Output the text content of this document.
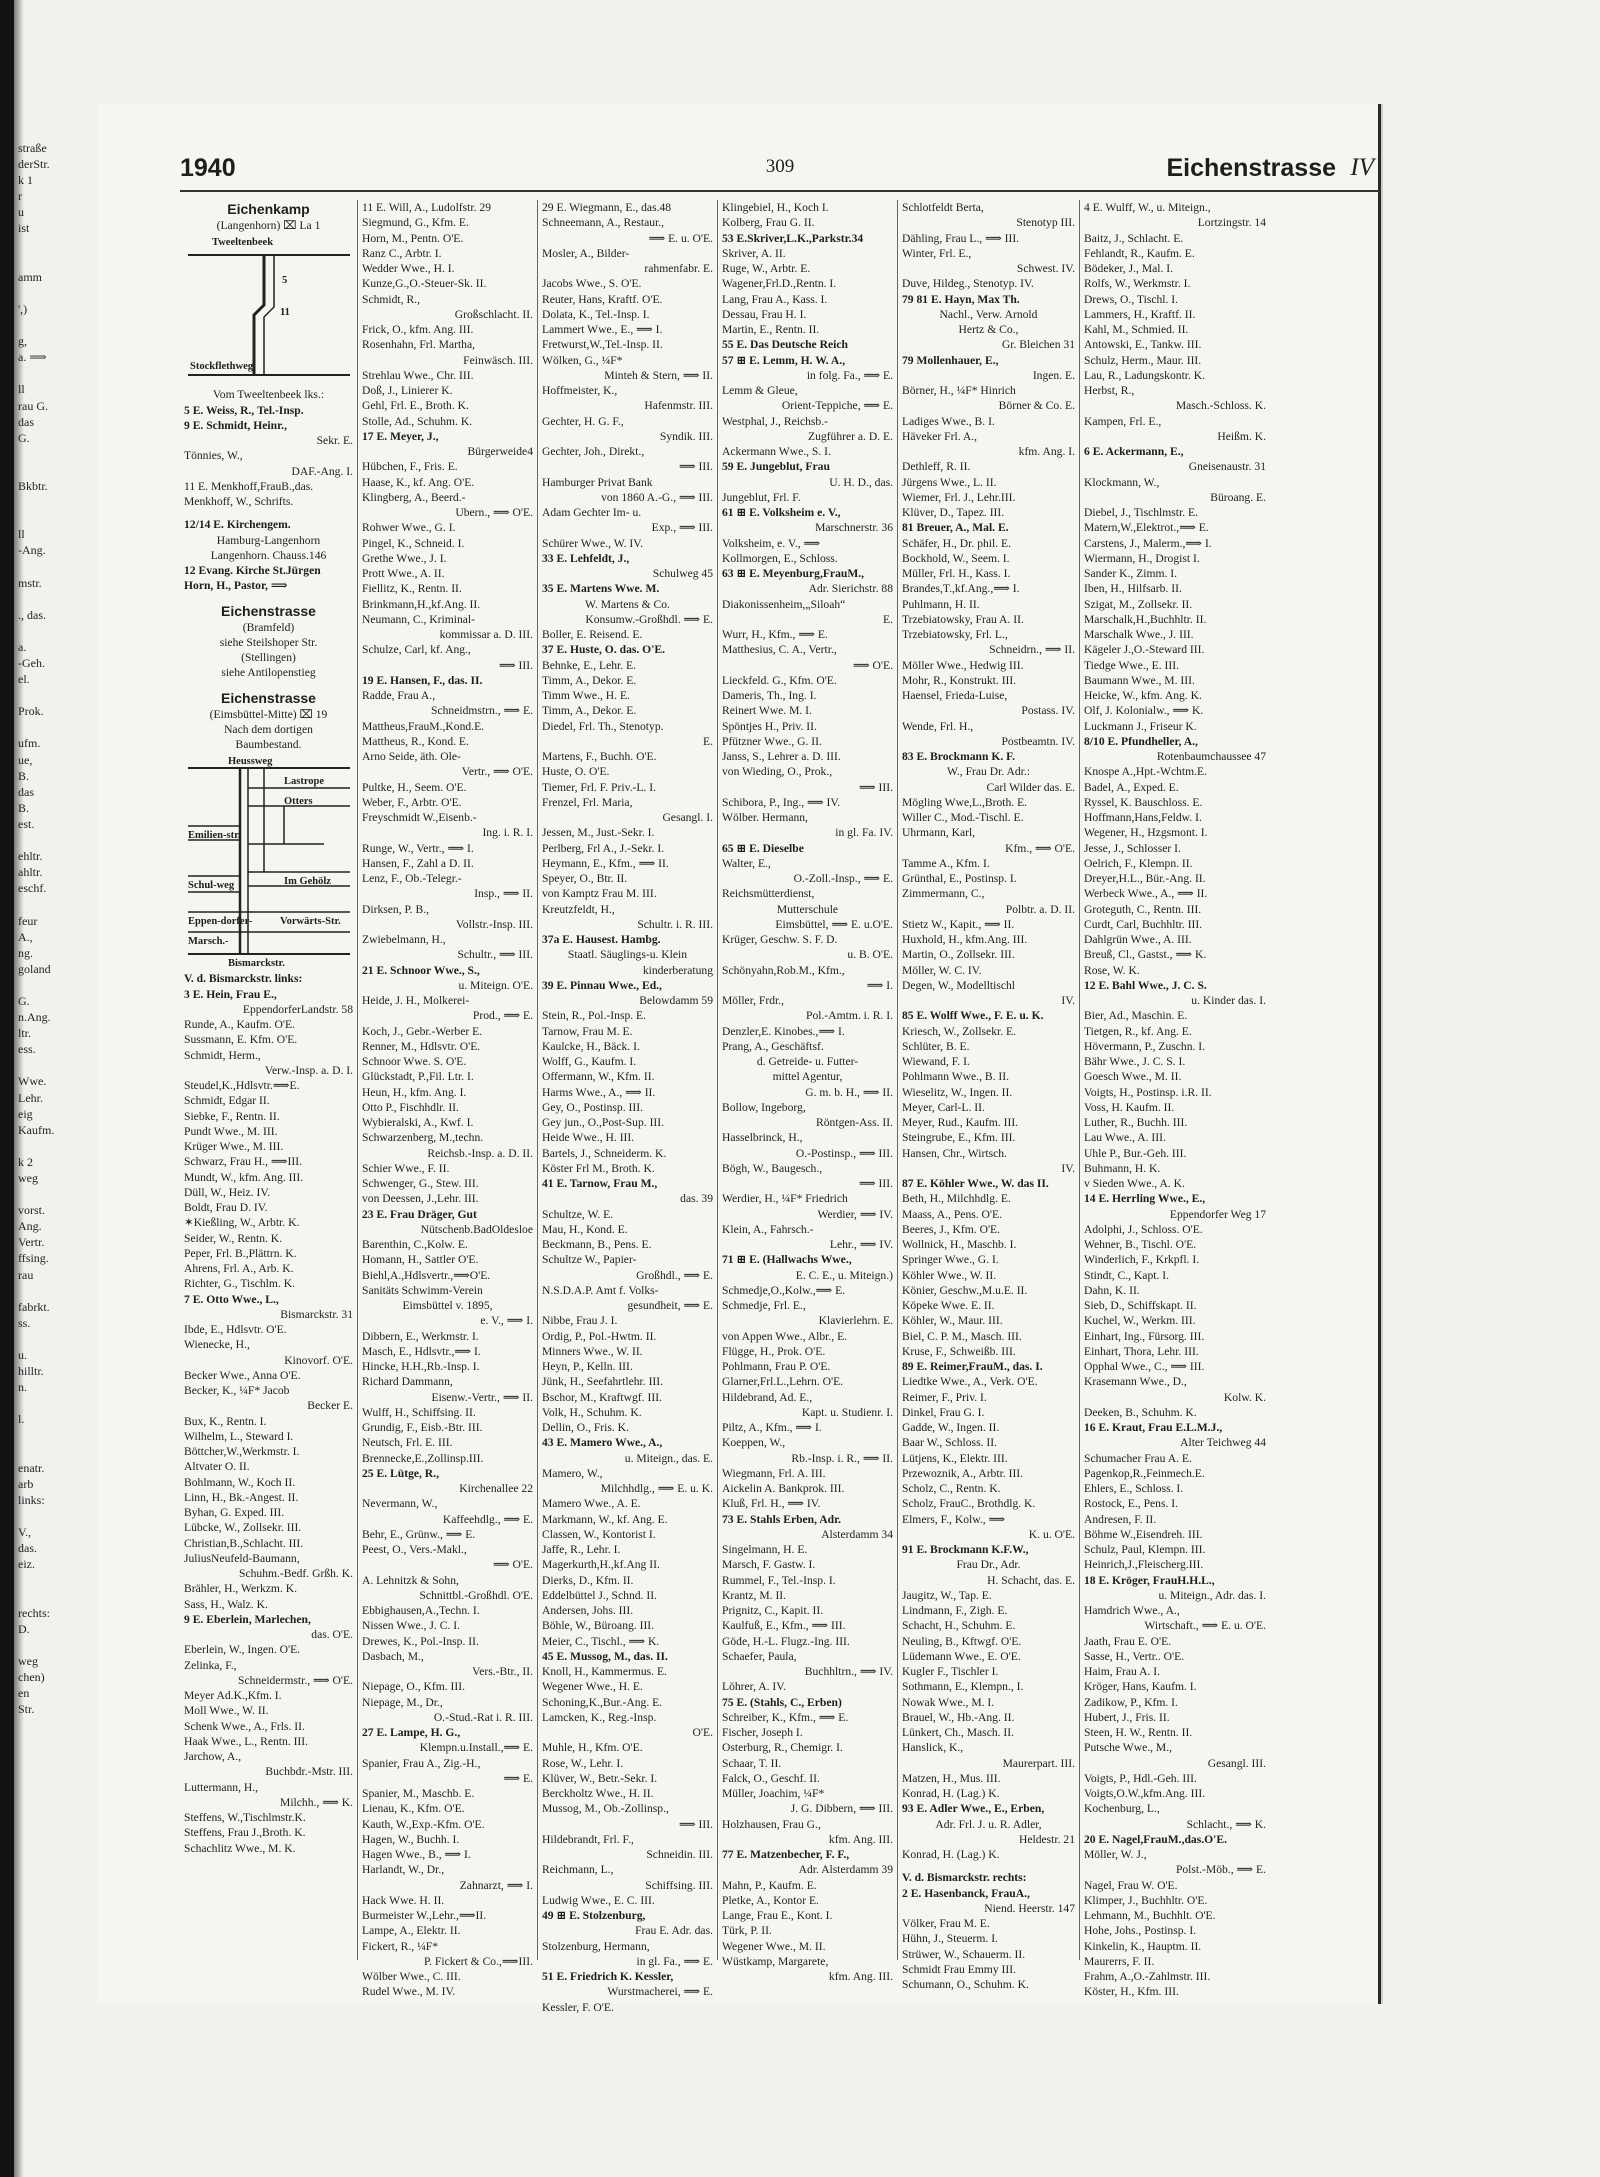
straße
derStr.
k 1
r
u
ist

amm

',)

g,
a. ⟹

ll
rau G.
das
G.

Bkbtr.

ll
-Ang.

mstr.

., das.

a.
-Geh.
el.

Prok.

ufm.
ue,
B.
das
B.
est.

ehltr.
ahltr.
eschf.

feur
A.,
ng.
goland

G.
n.Ang.
ltr.
ess.

Wwe.
Lehr.
eig
Kaufm.

k 2
weg

vorst.
Ang.
Vertr.
ffsing.
rau

fabrkt.
ss.

u.
hilltr.
n.

l.

enatr.
arb
links:

V.,
das.
eiz.

rechts:
D.

weg
chen)
en
Str.
1940	309	Eichenstrasse IV
Eichenkamp
(Langenhorn) ⌧ La 1
Tweeltenbeek
5
11
Stockflethweg
Vom Tweeltenbeek lks.:
5 E. Weiss, R., Tel.-Insp.
9 E. Schmidt, Heinr.,
Sekr. E.
Tönnies, W.,
DAF.-Ang. I.
11 E. Menkhoff,FrauB.,das.
Menkhoff, W., Schrifts.
12/14 E. Kirchengem.
Hamburg-Langenhorn
Langenhorn. Chauss.146
12 Evang. Kirche St.Jürgen
Horn, H., Pastor, ⟹
Eichenstrasse
(Bramfeld)
siehe Steilshoper Str.
(Stellingen)
siehe Antilopenstieg
Eichenstrasse
(Eimsbüttel-Mitte) ⌧ 19
Nach dem dortigen
Baumbestand.
Heussweg
Lastrope
Otters
Emilien-str.
Schul-weg
Eppen-dorfer-
Marsch.-
Bismarckstr.
Im Gehölz
Vorwärts-Str.
V. d. Bismarckstr. links:
3 E. Hein, Frau E.,
EppendorferLandstr. 58
Runde, A., Kaufm. O'E.
Sussmann, E. Kfm. O'E.
Schmidt, Herm.,
Verw.-Insp. a. D. I.
Steudel,K.,Hdlsvtr.⟹E.
Schmidt, Edgar II.
Siebke, F., Rentn. II.
Pundt Wwe., M. III.
Krüger Wwe., M. III.
Schwarz, Frau H., ⟹III.
Mundt, W., kfm. Ang. III.
Düll, W., Heiz. IV.
Boldt, Frau D. IV.
✶Kießling, W., Arbtr. K.
Seider, W., Rentn. K.
Peper, Frl. B.,Plättrn. K.
Ahrens, Frl. A., Arb. K.
Richter, G., Tischlm. K.
7 E. Otto Wwe., L.,
Bismarckstr. 31
Ibde, E., Hdlsvtr. O'E.
Wienecke, H.,
Kinovorf. O'E.
Becker Wwe., Anna O'E.
Becker, K., ¼F* Jacob
Becker E.
Bux, K., Rentn. I.
Wilhelm, L., Steward I.
Böttcher,W.,Werkmstr. I.
Altvater O. II.
Bohlmann, W., Koch II.
Linn, H., Bk.-Angest. II.
Byhan, G. Exped. III.
Lübcke, W., Zollsekr. III.
Christian,B.,Schlacht. III.
JuliusNeufeld-Baumann,
Schuhm.-Bedf. Grßh. K.
Brähler, H., Werkzm. K.
Sass, H., Walz. K.
9 E. Eberlein, Marlechen,
das. O'E.
Eberlein, W., Ingen. O'E.
Zelinka, F.,
Schneidermstr., ⟹ O'E.
Meyer Ad.K.,Kfm. I.
Moll Wwe., W. II.
Schenk Wwe., A., Frls. II.
Haak Wwe., L., Rentn. III.
Jarchow, A.,
Buchbdr.-Mstr. III.
Luttermann, H.,
Milchh., ⟹ K.
Steffens, W.,Tischlmstr.K.
Steffens, Frau J.,Broth. K.
Schachlitz Wwe., M. K.
11 E. Will, A., Ludolfstr. 29
Siegmund, G., Kfm. E.
Horn, M., Pentn. O'E.
Ranz C., Arbtr. I.
Wedder Wwe., H. I.
Kunze,G.,O.-Steuer-Sk. II.
Schmidt, R.,
Großschlacht. II.
Frick, O., kfm. Ang. III.
Rosenhahn, Frl. Martha,
Feinwäsch. III.
Strehlau Wwe., Chr. III.
Doß, J., Linierer K.
Gehl, Frl. E., Broth. K.
Stolle, Ad., Schuhm. K.
17 E. Meyer, J.,
Bürgerweide4
Hübchen, F., Fris. E.
Haase, K., kf. Ang. O'E.
Klingberg, A., Beerd.-
Ubern., ⟹ O'E.
Rohwer Wwe., G. I.
Pingel, K., Schneid. I.
Grethe Wwe., J. I.
Prott Wwe., A. II.
Fiellitz, K., Rentn. II.
Brinkmann,H.,kf.Ang. II.
Neumann, C., Kriminal-
kommissar a. D. III.
Schulze, Carl, kf. Ang.,
⟹ III.
19 E. Hansen, F., das. II.
Radde, Frau A.,
Schneidmstrn., ⟹ E.
Mattheus,FrauM.,Kond.E.
Mattheus, R., Kond. E.
Arno Seide, äth. Ole-
Vertr., ⟹ O'E.
Pultke, H., Seem. O'E.
Weber, F., Arbtr. O'E.
Freyschmidt W.,Eisenb.-
Ing. i. R. I.
Runge, W., Vertr., ⟹ I.
Hansen, F., Zahl a D. II.
Lenz, F., Ob.-Telegr.-
Insp., ⟹ II.
Dirksen, P. B.,
Vollstr.-Insp. III.
Zwiebelmann, H.,
Schultr., ⟹ III.
21 E. Schnoor Wwe., S.,
u. Miteign. O'E.
Heide, J. H., Molkerei-
Prod., ⟹ E.
Koch, J., Gebr.-Werber E.
Renner, M., Hdlsvtr. O'E.
Schnoor Wwe. S. O'E.
Glückstadt, P.,Fil. Ltr. I.
Heun, H., kfm. Ang. I.
Otto P., Fischhdlr. II.
Wybieralski, A., Kwf. I.
Schwarzenberg, M.,techn.
Reichsb.-Insp. a. D. II.
Schier Wwe., F. II.
Schwenger, G., Stew. III.
von Deessen, J.,Lehr. III.
23 E. Frau Dräger, Gut
Nütschenb.BadOldesloe
Barenthin, C.,Kolw. E.
Homann, H., Sattler O'E.
Biehl,A.,Hdlsvertr.,⟹O'E.
Sanitäts Schwimm-Verein
Eimsbüttel v. 1895,
e. V., ⟹ I.
Dibbern, E., Werkmstr. I.
Masch, E., Hdlsvtr.,⟹ I.
Hincke, H.H.,Rb.-Insp. I.
Richard Dammann,
Eisenw.-Vertr., ⟹ II.
Wulff, H., Schiffsing. II.
Grundig, F., Eisb.-Btr. III.
Neutsch, Frl. E. III.
Brennecke,E.,Zollinsp.III.
25 E. Lütge, R.,
Kirchenallee 22
Nevermann, W.,
Kaffeehdlg., ⟹ E.
Behr, E., Grünw., ⟹ E.
Peest, O., Vers.-Makl.,
⟹ O'E.
A. Lehnitzk & Sohn,
Schnittbl.-Großhdl. O'E.
Ebbighausen,A.,Techn. I.
Nissen Wwe., J. C. I.
Drewes, K., Pol.-Insp. II.
Dasbach, M.,
Vers.-Btr., II.
Niepage, O., Kfm. III.
Niepage, M., Dr.,
O.-Stud.-Rat i. R. III.
27 E. Lampe, H. G.,
Klempn.u.Install.,⟹ E.
Spanier, Frau A., Zig.-H.,
⟹ E.
Spanier, M., Maschb. E.
Lienau, K., Kfm. O'E.
Kauth, W.,Exp.-Kfm. O'E.
Hagen, W., Buchh. I.
Hagen Wwe., B., ⟹ I.
Harlandt, W., Dr.,
Zahnarzt, ⟹ I.
Hack Wwe. H. II.
Burmeister W.,Lehr.,⟹II.
Lampe, A., Elektr. II.
Fickert, R., ¼F*
P. Fickert & Co.,⟹III.
Wölber Wwe., C. III.
Rudel Wwe., M. IV.
29 E. Wiegmann, E., das.48
Schneemann, A., Restaur.,
⟹ E. u. O'E.
Mosler, A., Bilder-
rahmenfabr. E.
Jacobs Wwe., S. O'E.
Reuter, Hans, Kraftf. O'E.
Dolata, K., Tel.-Insp. I.
Lammert Wwe., E., ⟹ I.
Fretwurst,W.,Tel.-Insp. II.
Wölken, G., ¼F*
Minteh & Stern, ⟹ II.
Hoffmeister, K.,
Hafenmstr. III.
Gechter, H. G. F.,
Syndik. III.
Gechter, Joh., Direkt.,
⟹ III.
Hamburger Privat Bank
von 1860 A.-G., ⟹ III.
Adam Gechter Im- u.
Exp., ⟹ III.
Schürer Wwe., W. IV.
33 E. Lehfeldt, J.,
Schulweg 45
35 E. Martens Wwe. M.
W. Martens & Co.
Konsumw.-Großhdl. ⟹ E.
Boller, E. Reisend. E.
37 E. Huste, O. das. O'E.
Behnke, E., Lehr. E.
Timm, A., Dekor. E.
Timm Wwe., H. E.
Timm, A., Dekor. E.
Diedel, Frl. Th., Stenotyp.
E.
Martens, F., Buchh. O'E.
Huste, O. O'E.
Tiemer, Frl. F. Priv.-L. I.
Frenzel, Frl. Maria,
Gesangl. I.
Jessen, M., Just.-Sekr. I.
Perlberg, Frl A., J.-Sekr. I.
Heymann, E., Kfm., ⟹ II.
Speyer, O., Btr. II.
von Kamptz Frau M. III.
Kreutzfeldt, H.,
Schultr. i. R. III.
37a E. Hausest. Hambg.
Staatl. Säuglings-u. Klein
kinderberatung
39 E. Pinnau Wwe., Ed.,
Belowdamm 59
Stein, R., Pol.-Insp. E.
Tarnow, Frau M. E.
Kaulcke, H., Bäck. I.
Wolff, G., Kaufm. I.
Offermann, W., Kfm. II.
Harms Wwe., A., ⟹ II.
Gey, O., Postinsp. III.
Gey jun., O.,Post-Sup. III.
Heide Wwe., H. III.
Bartels, J., Schneiderm. K.
Köster Frl M., Broth. K.
41 E. Tarnow, Frau M.,
das. 39
Schultze, W. E.
Mau, H., Kond. E.
Beckmann, B., Pens. E.
Schultze W., Papier-
Großhdl., ⟹ E.
N.S.D.A.P. Amt f. Volks-
gesundheit, ⟹ E.
Nibbe, Frau J. I.
Ordig, P., Pol.-Hwtm. II.
Minners Wwe., W. II.
Heyn, P., Kelln. III.
Jünk, H., Seefahrtlehr. III.
Bschor, M., Kraftwgf. III.
Volk, H., Schuhm. K.
Dellin, O., Fris. K.
43 E. Mamero Wwe., A.,
u. Miteign., das. E.
Mamero, W.,
Milchhdlg., ⟹ E. u. K.
Mamero Wwe., A. E.
Markmann, W., kf. Ang. E.
Classen, W., Kontorist I.
Jaffe, R., Lehr. I.
Magerkurth,H.,kf.Ang II.
Dierks, D., Kfm. II.
Eddelbüttel J., Schnd. II.
Andersen, Johs. III.
Böhle, W., Büroang. III.
Meier, C., Tischl., ⟹ K.
45 E. Mussog, M., das. II.
Knoll, H., Kammermus. E.
Wegener Wwe., H. E.
Schoning,K.,Bur.-Ang. E.
Lamcken, K., Reg.-Insp.
O'E.
Muhle, H., Kfm. O'E.
Rose, W., Lehr. I.
Klüver, W., Betr.-Sekr. I.
Berckholtz Wwe., H. II.
Mussog, M., Ob.-Zollinsp.,
⟹ III.
Hildebrandt, Frl. F.,
Schneidin. III.
Reichmann, L.,
Schiffsing. III.
Ludwig Wwe., E. C. III.
49 ⊞ E. Stolzenburg,
Frau E. Adr. das.
Stolzenburg, Hermann,
in gl. Fa., ⟹ E.
51 E. Friedrich K. Kessler,
Wurstmacherei, ⟹ E.
Kessler, F. O'E.
Klingebiel, H., Koch I.
Kolberg, Frau G. II.
53 E.Skriver,L.K.,Parkstr.34
Skriver, A. II.
Ruge, W., Arbtr. E.
Wagener,Frl.D.,Rentn. I.
Lang, Frau A., Kass. I.
Dessau, Frau H. I.
Martin, E., Rentn. II.
55 E. Das Deutsche Reich
57 ⊞ E. Lemm, H. W. A.,
in folg. Fa., ⟹ E.
Lemm & Gleue,
Orient-Teppiche, ⟹ E.
Westphal, J., Reichsb.-
Zugführer a. D. E.
Ackermann Wwe., S. I.
59 E. Jungeblut, Frau
U. H. D., das.
Jungeblut, Frl. F.
61 ⊞ E. Volksheim e. V.,
Marschnerstr. 36
Volksheim, e. V., ⟹
Kollmorgen, E., Schloss.
63 ⊞ E. Meyenburg,FrauM.,
Adr. Sierichstr. 88
Diakonissenheim,„Siloah“
E.
Wurr, H., Kfm., ⟹ E.
Matthesius, C. A., Vertr.,
⟹ O'E.
Lieckfeld. G., Kfm. O'E.
Dameris, Th., Ing. I.
Reinert Wwe. M. I.
Spöntjes H., Priv. II.
Pfützner Wwe., G. II.
Janss, S., Lehrer a. D. III.
von Wieding, O., Prok.,
⟹ III.
Schibora, P., Ing., ⟹ IV.
Wölber. Hermann,
in gl. Fa. IV.
65 ⊞ E. Dieselbe
Walter, E.,
O.-Zoll.-Insp., ⟹ E.
Reichsmütterdienst,
Mutterschule
Eimsbüttel, ⟹ E. u.O'E.
Krüger, Geschw. S. F. D.
u. B. O'E.
Schönyahn,Rob.M., Kfm.,
⟹ I.
Möller, Frdr.,
Pol.-Amtm. i. R. I.
Denzler,E. Kinobes.,⟹ I.
Prang, A., Geschäftsf.
d. Getreide- u. Futter-
mittel Agentur,
G. m. b. H., ⟹ II.
Bollow, Ingeborg,
Röntgen-Ass. II.
Hasselbrinck, H.,
O.-Postinsp., ⟹ III.
Bögh, W., Baugesch.,
⟹ III.
Werdier, H., ¼F* Friedrich
Werdier, ⟹ IV.
Klein, A., Fahrsch.-
Lehr., ⟹ IV.
71 ⊞ E. (Hallwachs Wwe.,
E. C. E., u. Miteign.)
Schmedje,O.,Kolw.,⟹ E.
Schmedje, Frl. E.,
Klavierlehrn. E.
von Appen Wwe., Albr., E.
Flügge, H., Prok. O'E.
Pohlmann, Frau P. O'E.
Glarner,Frl.L.,Lehrn. O'E.
Hildebrand, Ad. E.,
Kapt. u. Studienr. I.
Piltz, A., Kfm., ⟹ I.
Koeppen, W.,
Rb.-Insp. i. R., ⟹ II.
Wiegmann, Frl. A. III.
Aickelin A. Bankprok. III.
Kluß, Frl. H., ⟹ IV.
73 E. Stahls Erben, Adr.
Alsterdamm 34
Singelmann, H. E.
Marsch, F. Gastw. I.
Rummel, F., Tel.-Insp. I.
Krantz, M. II.
Prignitz, C., Kapit. II.
Kaulfuß, E., Kfm., ⟹ III.
Göde, H.-L. Flugz.-Ing. III.
Schaefer, Paula,
Buchhltrn., ⟹ IV.
Löhrer, A. IV.
75 E. (Stahls, C., Erben)
Schreiber, K., Kfm., ⟹ E.
Fischer, Joseph I.
Osterburg, R., Chemigr. I.
Schaar, T. II.
Falck, O., Geschf. II.
Müller, Joachim, ¼F*
J. G. Dibbern, ⟹ III.
Holzhausen, Frau G.,
kfm. Ang. III.
77 E. Matzenbecher, F. F.,
Adr. Alsterdamm 39
Mahn, P., Kaufm. E.
Pletke, A., Kontor E.
Lange, Frau E., Kont. I.
Türk, P. II.
Wegener Wwe., M. II.
Wüstkamp, Margarete,
kfm. Ang. III.
Schlotfeldt Berta,
Stenotyp III.
Dähling, Frau L., ⟹ III.
Winter, Frl. E.,
Schwest. IV.
Duve, Hildeg., Stenotyp. IV.
79 81 E. Hayn, Max Th.
Nachl., Verw. Arnold
Hertz & Co.,
Gr. Bleichen 31
79 Mollenhauer, E.,
Ingen. E.
Börner, H., ¼F* Hinrich
Börner & Co. E.
Ladiges Wwe., B. I.
Häveker Frl. A.,
kfm. Ang. I.
Dethleff, R. II.
Jürgens Wwe., L. II.
Wiemer, Frl. J., Lehr.III.
Klüver, D., Tapez. III.
81 Breuer, A., Mal. E.
Schäfer, H., Dr. phil. E.
Bockhold, W., Seem. I.
Müller, Frl. H., Kass. I.
Brandes,T.,kf.Ang.,⟹ I.
Puhlmann, H. II.
Trzebiatowsky, Frau A. II.
Trzebiatowsky, Frl. L.,
Schneidrn., ⟹ II.
Möller Wwe., Hedwig III.
Mohr, R., Konstrukt. III.
Haensel, Frieda-Luise,
Postass. IV.
Wende, Frl. H.,
Postbeamtn. IV.
83 E. Brockmann K. F.
W., Frau Dr. Adr.:
Carl Wilder das. E.
Mögling Wwe,L.,Broth. E.
Willer C., Mod.-Tischl. E.
Uhrmann, Karl,
Kfm., ⟹ O'E.
Tamme A., Kfm. I.
Grünthal, E., Postinsp. I.
Zimmermann, C.,
Polbtr. a. D. II.
Stietz W., Kapit., ⟹ II.
Huxhold, H., kfm.Ang. III.
Martin, O., Zollsekr. III.
Möller, W. C. IV.
Degen, W., Modelltischl
IV.
85 E. Wolff Wwe., F. E. u. K.
Kriesch, W., Zollsekr. E.
Schlüter, B. E.
Wiewand, F. I.
Pohlmann Wwe., B. II.
Wieselitz, W., Ingen. II.
Meyer, Carl-L. II.
Meyer, Rud., Kaufm. III.
Steingrube, E., Kfm. III.
Hansen, Chr., Wirtsch.
IV.
87 E. Köhler Wwe., W. das II.
Beth, H., Milchhdlg. E.
Maass, A., Pens. O'E.
Beeres, J., Kfm. O'E.
Wollnick, H., Maschb. I.
Springer Wwe., G. I.
Köhler Wwe., W. II.
Könier, Geschw.,M.u.E. II.
Köpeke Wwe. E. II.
Köhler, W., Maur. III.
Biel, C. P. M., Masch. III.
Kruse, F., Schweißb. III.
89 E. Reimer,FrauM., das. I.
Liedtke Wwe., A., Verk. O'E.
Reimer, F., Priv. I.
Dinkel, Frau G. I.
Gadde, W., Ingen. II.
Baar W., Schloss. II.
Lütjens, K., Elektr. III.
Przewoznik, A., Arbtr. III.
Scholz, C., Rentn. K.
Scholz, FrauC., Brothdlg. K.
Elmers, F., Kolw., ⟹
K. u. O'E.
91 E. Brockmann K.F.W.,
Frau Dr., Adr.
H. Schacht, das. E.
Jaugitz, W., Tap. E.
Lindmann, F., Zigh. E.
Schacht, H., Schuhm. E.
Neuling, B., Kftwgf. O'E.
Lüdemann Wwe., E. O'E.
Kugler F., Tischler I.
Sothmann, E., Klempn., I.
Nowak Wwe., M. I.
Brauel, W., Hb.-Ang. II.
Lünkert, Ch., Masch. II.
Hanslick, K.,
Maurerpart. III.
Matzen, H., Mus. III.
Konrad, H. (Lag.) K.
93 E. Adler Wwe., E., Erben,
Adr. Frl. J. u. R. Adler,
Heldestr. 21
Konrad, H. (Lag.) K.
V. d. Bismarckstr. rechts:
2 E. Hasenbanck, FrauA.,
Niend. Heerstr. 147
Völker, Frau M. E.
Hühn, J., Steuerm. I.
Strüwer, W., Schauerm. II.
Schmidt Frau Emmy III.
Schumann, O., Schuhm. K.
4 E. Wulff, W., u. Miteign.,
Lortzingstr. 14
Baitz, J., Schlacht. E.
Fehlandt, R., Kaufm. E.
Bödeker, J., Mal. I.
Rolfs, W., Werkmstr. I.
Drews, O., Tischl. I.
Lammers, H., Kraftf. II.
Kahl, M., Schmied. II.
Antowski, E., Tankw. III.
Schulz, Herm., Maur. III.
Lau, R., Ladungskontr. K.
Herbst, R.,
Masch.-Schloss. K.
Kampen, Frl. E.,
Heißm. K.
6 E. Ackermann, E.,
Gneisenaustr. 31
Klockmann, W.,
Büroang. E.
Diebel, J., Tischlmstr. E.
Matern,W.,Elektrot.,⟹ E.
Carstens, J., Malerm.,⟹ I.
Wiermann, H., Drogist I.
Sander K., Zimm. I.
Iben, H., Hilfsarb. II.
Szigat, M., Zollsekr. II.
Marschalk,H.,Buchhltr. II.
Marschalk Wwe., J. III.
Kägeler J.,O.-Steward III.
Tiedge Wwe., E. III.
Baumann Wwe., M. III.
Heicke, W., kfm. Ang. K.
Olf, J. Kolonialw., ⟹ K.
Luckmann J., Friseur K.
8/10 E. Pfundheller, A.,
Rotenbaumchaussee 47
Knospe A.,Hpt.-Wchtm.E.
Badel, A., Exped. E.
Ryssel, K. Bauschloss. E.
Hoffmann,Hans,Feldw. I.
Wegener, H., Hzgsmont. I.
Jesse, J., Schlosser I.
Oelrich, F., Klempn. II.
Dreyer,H.L., Bür.-Ang. II.
Werbeck Wwe., A., ⟹ II.
Groteguth, C., Rentn. III.
Curdt, Carl, Buchhltr. III.
Dahlgrün Wwe., A. III.
Breuß, Cl., Gastst., ⟹ K.
Rose, W. K.
12 E. Bahl Wwe., J. C. S.
u. Kinder das. I.
Bier, Ad., Maschin. E.
Tietgen, R., kf. Ang. E.
Hövermann, P., Zuschn. I.
Bähr Wwe., J. C. S. I.
Goesch Wwe., M. II.
Voigts, H., Postinsp. i.R. II.
Voss, H. Kaufm. II.
Luther, R., Buchh. III.
Lau Wwe., A. III.
Uhle P., Bur.-Geh. III.
Buhmann, H. K.
v Sieden Wwe., A. K.
14 E. Herrling Wwe., E.,
Eppendorfer Weg 17
Adolphi, J., Schloss. O'E.
Wehner, B., Tischl. O'E.
Winderlich, F., Krkpfl. I.
Stindt, C., Kapt. I.
Dahn, K. II.
Sieb, D., Schiffskapt. II.
Kuchel, W., Werkm. III.
Einhart, Ing., Fürsorg. III.
Einhart, Thora, Lehr. III.
Opphal Wwe., C., ⟹ III.
Krasemann Wwe., D.,
Kolw. K.
Deeken, B., Schuhm. K.
16 E. Kraut, Frau E.L.M.J.,
Alter Teichweg 44
Schumacher Frau A. E.
Pagenkop,R.,Feinmech.E.
Ehlers, E., Schloss. I.
Rostock, E., Pens. I.
Andresen, F. II.
Böhme W.,Eisendreh. III.
Schulz, Paul, Klempn. III.
Heinrich,J.,Fleischerg.III.
18 E. Kröger, FrauH.H.L.,
u. Miteign., Adr. das. I.
Hamdrich Wwe., A.,
Wirtschaft., ⟹ E. u. O'E.
Jaath, Frau E. O'E.
Sasse, H., Vertr.. O'E.
Haim, Frau A. I.
Kröger, Hans, Kaufm. I.
Zadikow, P., Kfm. I.
Hubert, J., Fris. II.
Steen, H. W., Rentn. II.
Putsche Wwe., M.,
Gesangl. III.
Voigts, P., Hdl.-Geh. III.
Voigts,O.W.,kfm.Ang. III.
Kochenburg, L.,
Schlacht., ⟹ K.
20 E. Nagel,FrauM.,das.O'E.
Möller, W. J.,
Polst.-Möb., ⟹ E.
Nagel, Frau W. O'E.
Klimper, J., Buchhltr. O'E.
Lehmann, M., Buchhlt. O'E.
Hohe, Johs., Postinsp. I.
Kinkelin, K., Hauptm. II.
Maurerrs, F. II.
Frahm, A.,O.-Zahlmstr. III.
Köster, H., Kfm. III.
